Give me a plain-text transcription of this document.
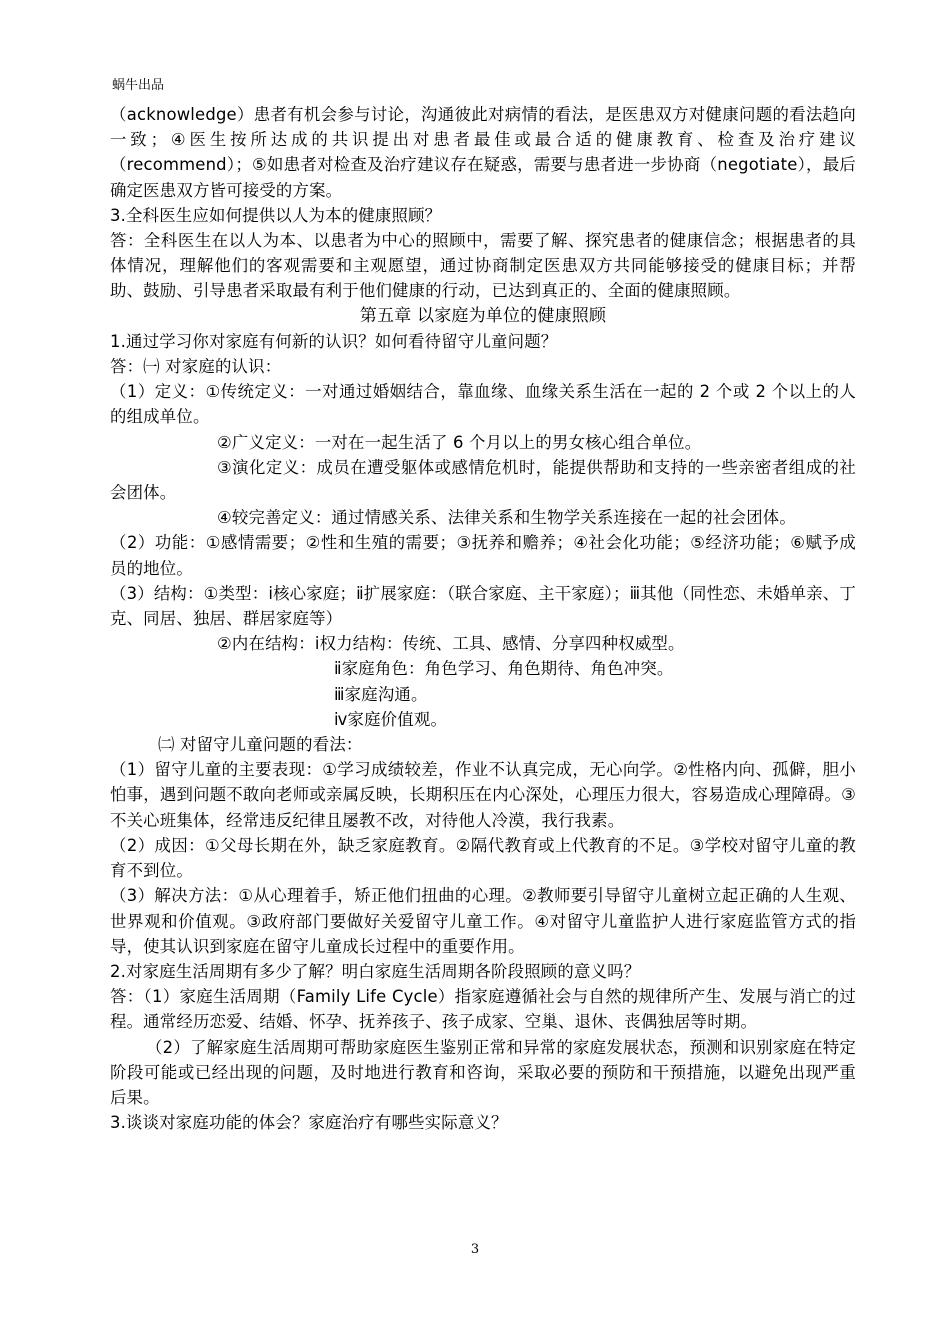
蜗牛出品

（acknowledge）患者有机会参与讨论，沟通彼此对病情的看法，是医患双方对健康问题的看法趋向一致；④医生按所达成的共识提出对患者最佳或最合适的健康教育、检查及治疗建议（recommend）；⑤如患者对检查及治疗建议存在疑惑，需要与患者进一步协商（negotiate），最后确定医患双方皆可接受的方案。

3.全科医生应如何提供以人为本的健康照顾？

答：全科医生在以人为本、以患者为中心的照顾中，需要了解、探究患者的健康信念；根据患者的具体情况，理解他们的客观需要和主观愿望，通过协商制定医患双方共同能够接受的健康目标；并帮助、鼓励、引导患者采取最有利于他们健康的行动，已达到真正的、全面的健康照顾。

第五章 以家庭为单位的健康照顾

1.通过学习你对家庭有何新的认识？如何看待留守儿童问题？

答：㈠ 对家庭的认识：

（1）定义：①传统定义：一对通过婚姻结合，靠血缘、血缘关系生活在一起的 2 个或 2 个以上的人的组成单位。

②广义定义：一对在一起生活了 6 个月以上的男女核心组合单位。

③演化定义：成员在遭受躯体或感情危机时，能提供帮助和支持的一些亲密者组成的社会团体。

④较完善定义：通过情感关系、法律关系和生物学关系连接在一起的社会团体。

（2）功能：①感情需要；②性和生殖的需要；③抚养和赡养；④社会化功能；⑤经济功能；⑥赋予成员的地位。

（3）结构：①类型：ⅰ核心家庭；ⅱ扩展家庭：（联合家庭、主干家庭）；ⅲ其他（同性恋、未婚单亲、丁克、同居、独居、群居家庭等）

②内在结构：ⅰ权力结构：传统、工具、感情、分享四种权威型。

ⅱ家庭角色：角色学习、角色期待、角色冲突。

ⅲ家庭沟通。

ⅳ家庭价值观。

㈡ 对留守儿童问题的看法：

（1）留守儿童的主要表现：①学习成绩较差，作业不认真完成，无心向学。②性格内向、孤僻，胆小怕事，遇到问题不敢向老师或亲属反映，长期积压在内心深处，心理压力很大，容易造成心理障碍。③不关心班集体，经常违反纪律且屡教不改，对待他人冷漠，我行我素。

（2）成因：①父母长期在外，缺乏家庭教育。②隔代教育或上代教育的不足。③学校对留守儿童的教育不到位。

（3）解决方法：①从心理着手，矫正他们扭曲的心理。②教师要引导留守儿童树立起正确的人生观、世界观和价值观。③政府部门要做好关爱留守儿童工作。④对留守儿童监护人进行家庭监管方式的指导，使其认识到家庭在留守儿童成长过程中的重要作用。

2.对家庭生活周期有多少了解？明白家庭生活周期各阶段照顾的意义吗？

答：（1）家庭生活周期（Family Life Cycle）指家庭遵循社会与自然的规律所产生、发展与消亡的过程。通常经历恋爱、结婚、怀孕、抚养孩子、孩子成家、空巢、退休、丧偶独居等时期。

（2）了解家庭生活周期可帮助家庭医生鉴别正常和异常的家庭发展状态，预测和识别家庭在特定阶段可能或已经出现的问题，及时地进行教育和咨询，采取必要的预防和干预措施，以避免出现严重后果。

3.谈谈对家庭功能的体会？家庭治疗有哪些实际意义？

3
